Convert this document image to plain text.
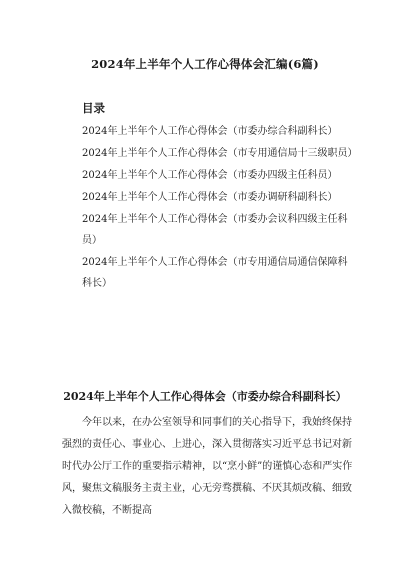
2024年上半年个人工作心得体会汇编(6篇)
目录
2024年上半年个人工作心得体会（市委办综合科副科长）
2024年上半年个人工作心得体会（市专用通信局十三级职员）
2024年上半年个人工作心得体会（市委办四级主任科员）
2024年上半年个人工作心得体会（市委办调研科副科长）
2024年上半年个人工作心得体会（市委办会议科四级主任科员）
2024年上半年个人工作心得体会（市专用通信局通信保障科科长）
2024年上半年个人工作心得体会（市委办综合科副科长）

今年以来，在办公室领导和同事们的关心指导下，我始终保持强烈的责任心、事业心、上进心，深入贯彻落实习近平总书记对新时代办公厅工作的重要指示精神，以“烹小鲜”的谨慎心态和严实作风，聚焦文稿服务主责主业，心无旁骛撰稿、不厌其烦改稿、细致入微校稿，不断提高
